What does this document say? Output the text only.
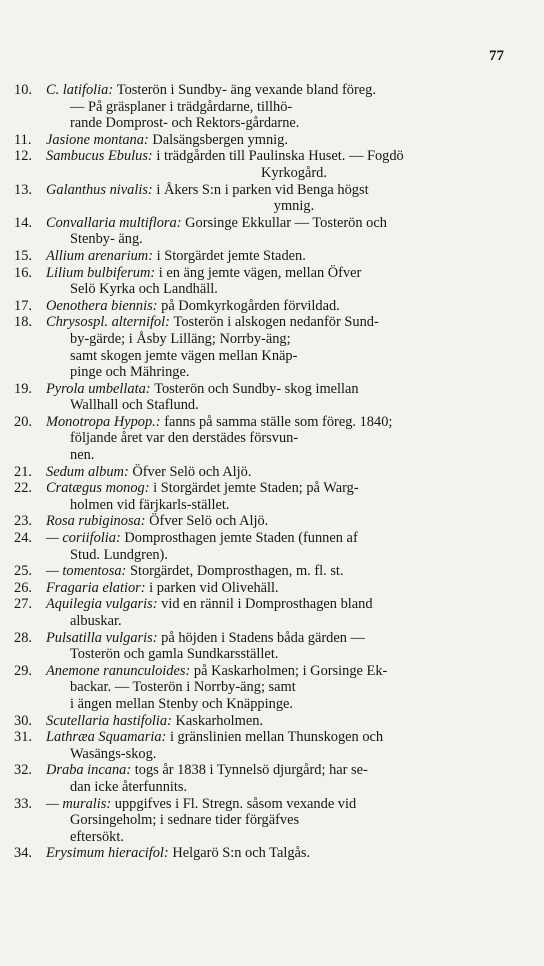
77
10. C. latifolia: Tosterön i Sundby- äng vexande bland föreg.
— På gräsplaner i trädgårdarne, tillhö-
rande Domprost- och Rektors-gårdarne.
11.	Jasione montana: Dalsängsbergen ymnig.
12. Sambucus Ebulus: i trädgården till Paulinska Huset. — Fogdö
Kyrkogård.
13. Galanthus nivalis: i Åkers S:n i parken vid Benga högst
ymnig.
14. Convallaria multiflora: Gorsinge Ekkullar — Tosterön och
Stenby- äng.
15. Allium arenarium: i Storgärdet jemte Staden.
16. Lilium bulbiferum: i en äng jemte vägen, mellan Öfver
Selö Kyrka och Landhäll.
17. Oenothera biennis: på Domkyrkogården förvildad.
18. Chrysospl. alternifol: Tosterön i alskogen nedanför Sund-
by-gärde; i Åsby Lilläng; Norrby-äng;
samt skogen jemte vägen mellan Knäp-
pinge och Mähringe.
19. Pyrola umbellata: Tosterön och Sundby- skog imellan
Wallhall och Staflund.
20. Monotropa Hypop.: fanns på samma ställe som föreg. 1840;
följande året var den derstädes försvun-
nen.
21. Sedum album: Öfver Selö och Aljö.
22. Cratægus monog: i Storgärdet jemte Staden; på Warg-
holmen vid färjkarls-stället.
23. Rosa rubiginosa: Öfver Selö och Aljö.
24. — coriifolia: Domprosthagen jemte Staden (funnen af
Stud. Lundgren).
25. — tomentosa: Storgärdet, Domprosthagen, m. fl. st.
26. Fragaria elatior: i parken vid Olivehäll.
27. Aquilegia vulgaris: vid en rännil i Domprosthagen bland
albuskar.
28. Pulsatilla vulgaris: på höjden i Stadens båda gärden —
Tosterön och gamla Sundkarsstället.
29. Anemone ranunculoides: på Kaskarholmen; i Gorsinge Ek-
backar. — Tosterön i Norrby-äng; samt
i ängen mellan Stenby och Knäppinge.
30. Scutellaria hastifolia: Kaskarholmen.
31. Lathræa Squamaria: i gränslinien mellan Thunskogen och
Wasängs-skog.
32. Draba incana: togs år 1838 i Tynnelsö djurgård; har se-
dan icke återfunnits.
33. — muralis: uppgifves i Fl. Stregn. såsom vexande vid
Gorsingeholm; i sednare tider förgäfves
eftersökt.
34. Erysimum hieracifol: Helgarö S:n och Talgås.
